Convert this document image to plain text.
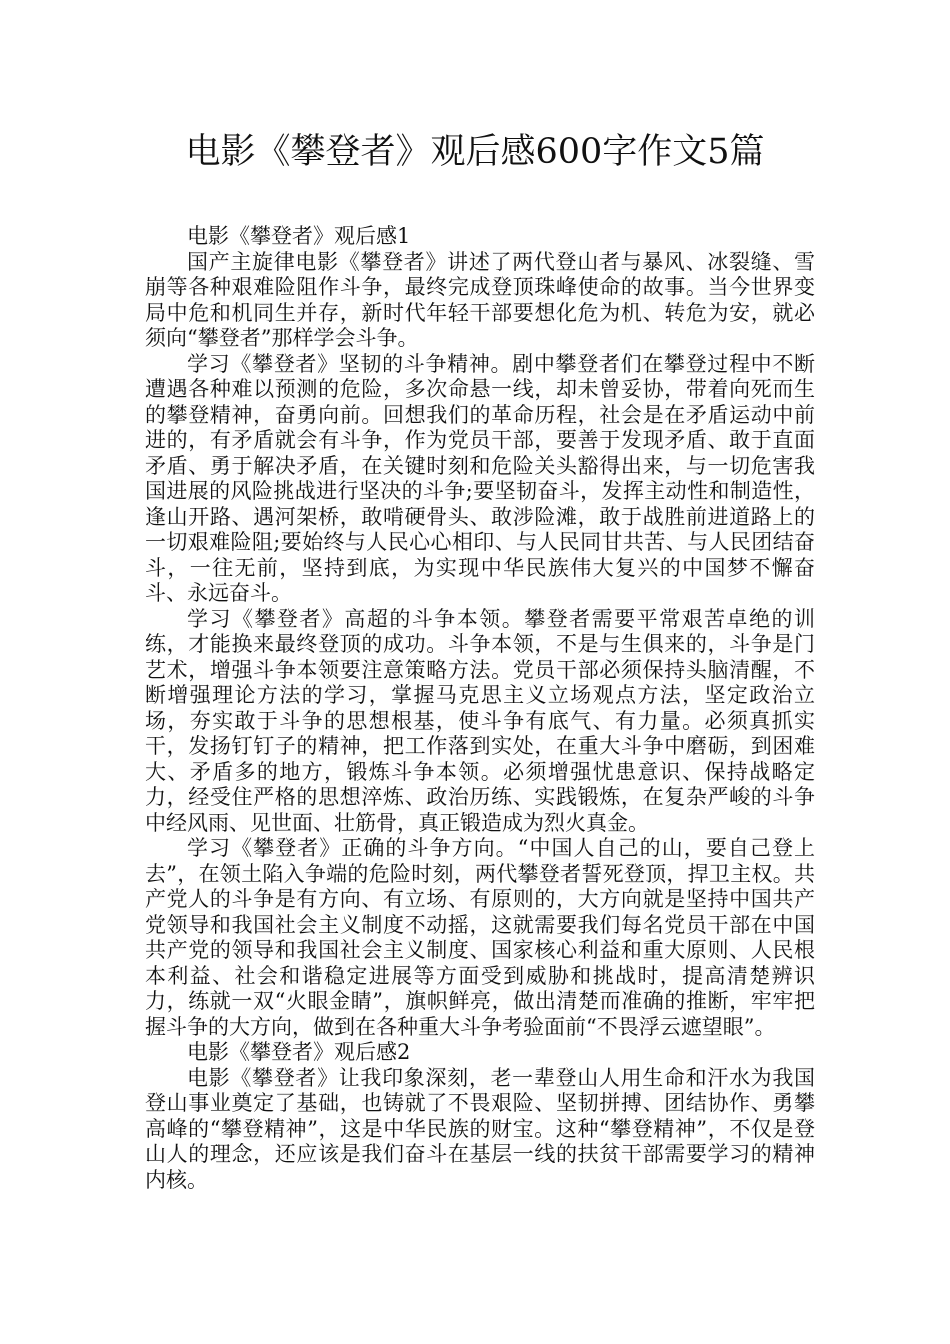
电影《攀登者》观后感600字作文5篇
电影《攀登者》观后感1

国产主旋律电影《攀登者》讲述了两代登山者与暴风、冰裂缝、雪崩等各种艰难险阻作斗争，最终完成登顶珠峰使命的故事。当今世界变局中危和机同生并存，新时代年轻干部要想化危为机、转危为安，就必须向“攀登者”那样学会斗争。

学习《攀登者》坚韧的斗争精神。剧中攀登者们在攀登过程中不断遭遇各种难以预测的危险，多次命悬一线，却未曾妥协，带着向死而生的攀登精神，奋勇向前。回想我们的革命历程，社会是在矛盾运动中前进的，有矛盾就会有斗争，作为党员干部，要善于发现矛盾、敢于直面矛盾、勇于解决矛盾，在关键时刻和危险关头豁得出来，与一切危害我国进展的风险挑战进行坚决的斗争;要坚韧奋斗，发挥主动性和制造性，逢山开路、遇河架桥，敢啃硬骨头、敢涉险滩，敢于战胜前进道路上的一切艰难险阻;要始终与人民心心相印、与人民同甘共苦、与人民团结奋斗，一往无前，坚持到底，为实现中华民族伟大复兴的中国梦不懈奋斗、永远奋斗。

学习《攀登者》高超的斗争本领。攀登者需要平常艰苦卓绝的训练，才能换来最终登顶的成功。斗争本领，不是与生俱来的，斗争是门艺术，增强斗争本领要注意策略方法。党员干部必须保持头脑清醒，不断增强理论方法的学习，掌握马克思主义立场观点方法，坚定政治立场，夯实敢于斗争的思想根基，使斗争有底气、有力量。必须真抓实干，发扬钉钉子的精神，把工作落到实处，在重大斗争中磨砺，到困难大、矛盾多的地方，锻炼斗争本领。必须增强忧患意识、保持战略定力，经受住严格的思想淬炼、政治历练、实践锻炼，在复杂严峻的斗争中经风雨、见世面、壮筋骨，真正锻造成为烈火真金。

学习《攀登者》正确的斗争方向。“中国人自己的山，要自己登上去”，在领土陷入争端的危险时刻，两代攀登者誓死登顶，捍卫主权。共产党人的斗争是有方向、有立场、有原则的，大方向就是坚持中国共产党领导和我国社会主义制度不动摇，这就需要我们每名党员干部在中国共产党的领导和我国社会主义制度、国家核心利益和重大原则、人民根本利益、社会和谐稳定进展等方面受到威胁和挑战时，提高清楚辨识力，练就一双“火眼金睛”，旗帜鲜亮，做出清楚而准确的推断，牢牢把握斗争的大方向，做到在各种重大斗争考验面前“不畏浮云遮望眼”。

电影《攀登者》观后感2

电影《攀登者》让我印象深刻，老一辈登山人用生命和汗水为我国登山事业奠定了基础，也铸就了不畏艰险、坚韧拼搏、团结协作、勇攀高峰的“攀登精神”，这是中华民族的财宝。这种“攀登精神”，不仅是登山人的理念，还应该是我们奋斗在基层一线的扶贫干部需要学习的精神内核。
